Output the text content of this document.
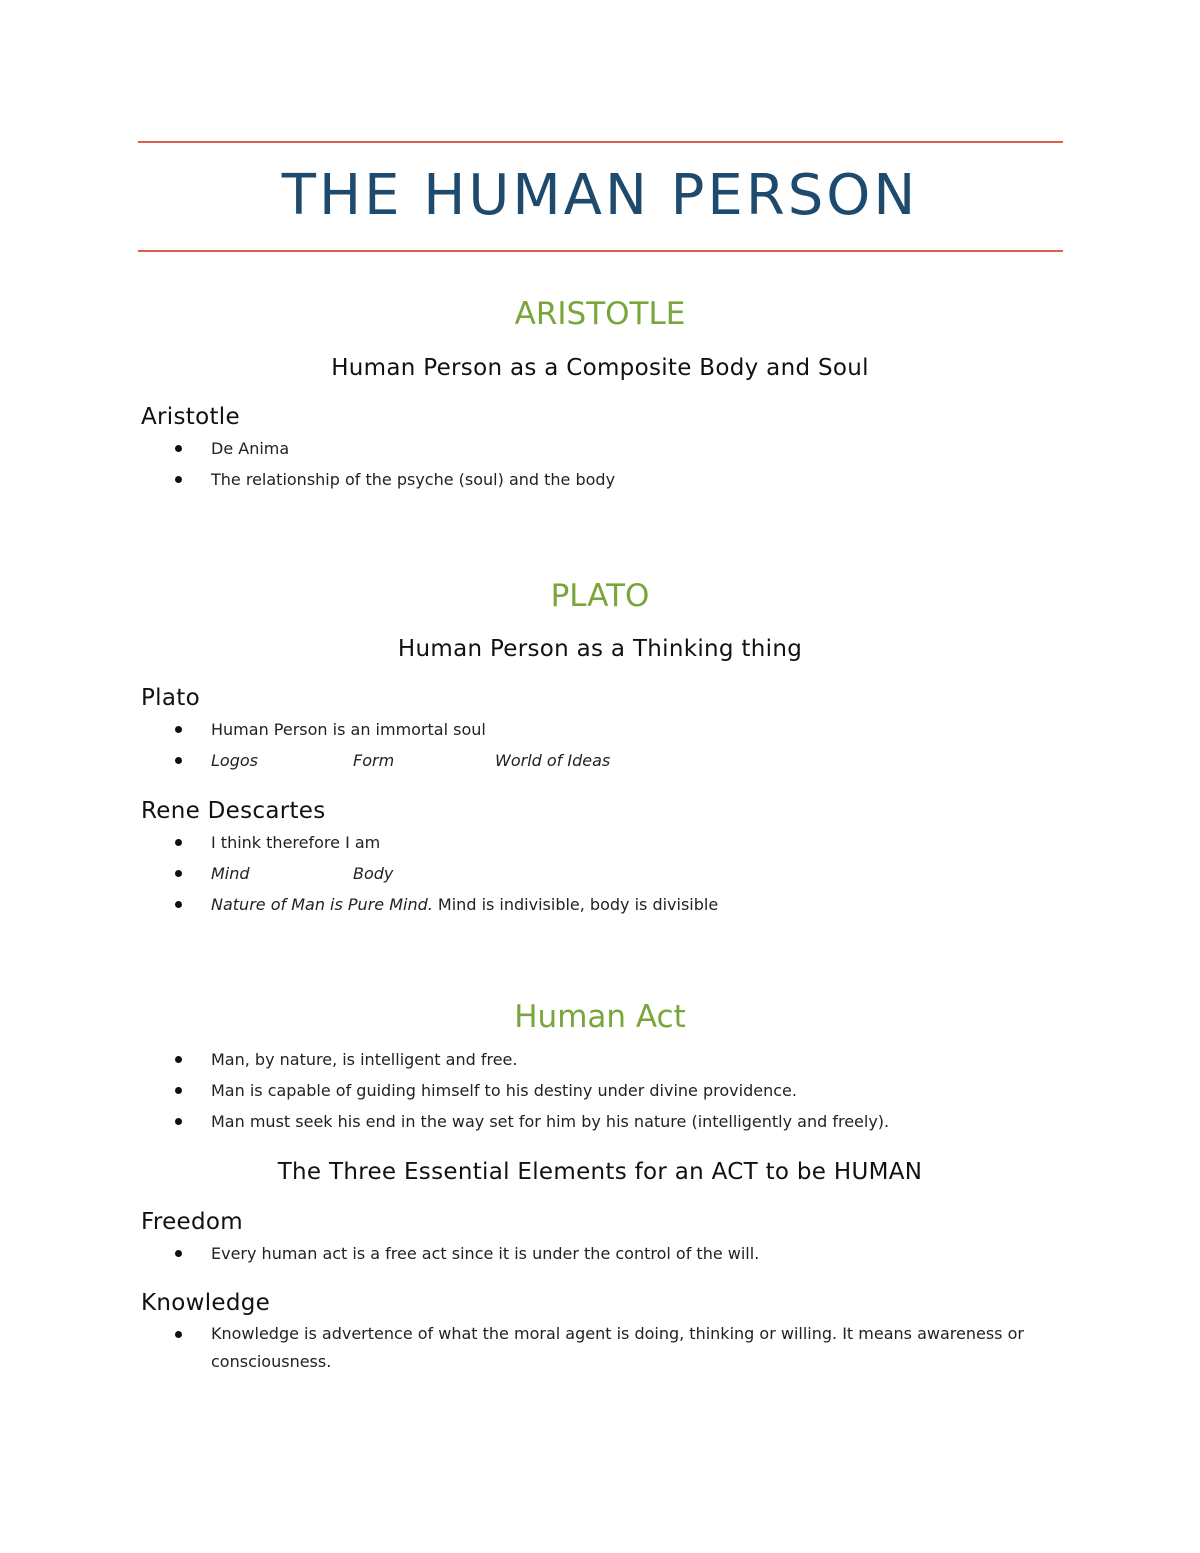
THE HUMAN PERSON
ARISTOTLE
Human Person as a Composite Body and Soul
Aristotle
De Anima
The relationship of the psyche (soul) and the body
PLATO
Human Person as a Thinking thing
Plato
Human Person is an immortal soul
Logos	Form	World of Ideas
Rene Descartes
I think therefore I am
Mind	Body
Nature of Man is Pure Mind. Mind is indivisible, body is divisible
Human Act
Man, by nature, is intelligent and free.
Man is capable of guiding himself to his destiny under divine providence.
Man must seek his end in the way set for him by his nature (intelligently and freely).
The Three Essential Elements for an ACT to be HUMAN
Freedom
Every human act is a free act since it is under the control of the will.
Knowledge
Knowledge is advertence of what the moral agent is doing, thinking or willing. It means awareness or consciousness.
